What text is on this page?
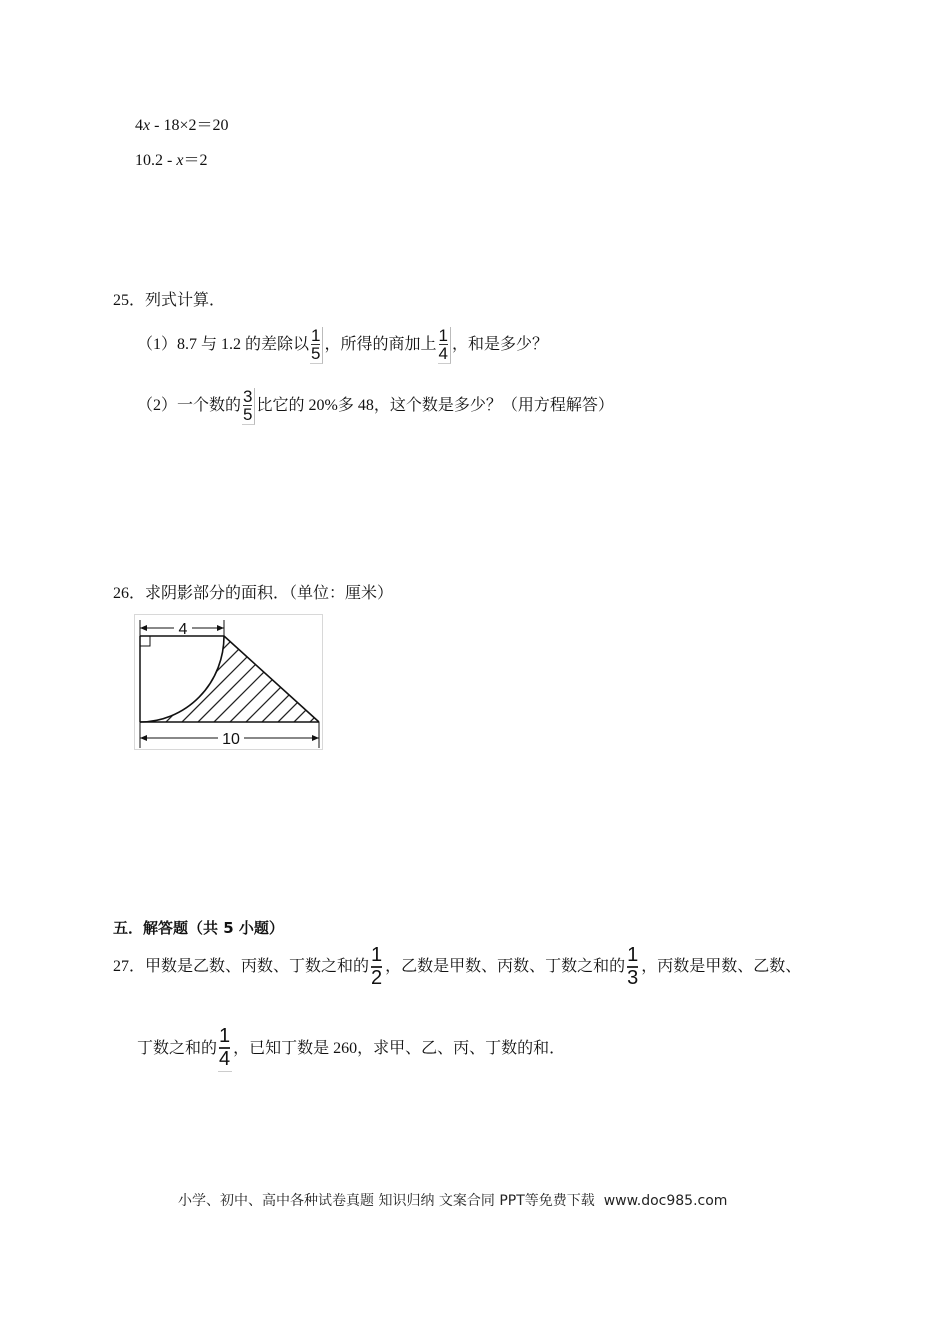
4x - 18×2＝20
10.2 - x＝2
25．列式计算．
（1）8.7 与 1.2 的差除以 $\frac{1}{5}$ ，所得的商加上 $\frac{1}{4}$ ，和是多少？
（2）一个数的 $\frac{3}{5}$ 比它的 20%多 48，这个数是多少？（用方程解答）
26．求阴影部分的面积．（单位：厘米）
4
10
五．解答题（共 5 小题）
27．甲数是乙数、丙数、丁数之和的 $\frac{1}{2}$ ，乙数是甲数、丙数、丁数之和的 $\frac{1}{3}$ ，丙数是甲数、乙数、
丁数之和的 $\frac{1}{4}$ ，已知丁数是 260，求甲、乙、丙、丁数的和．
小学、初中、高中各种试卷真题 知识归纳 文案合同 PPT等免费下载 www.doc985.com
